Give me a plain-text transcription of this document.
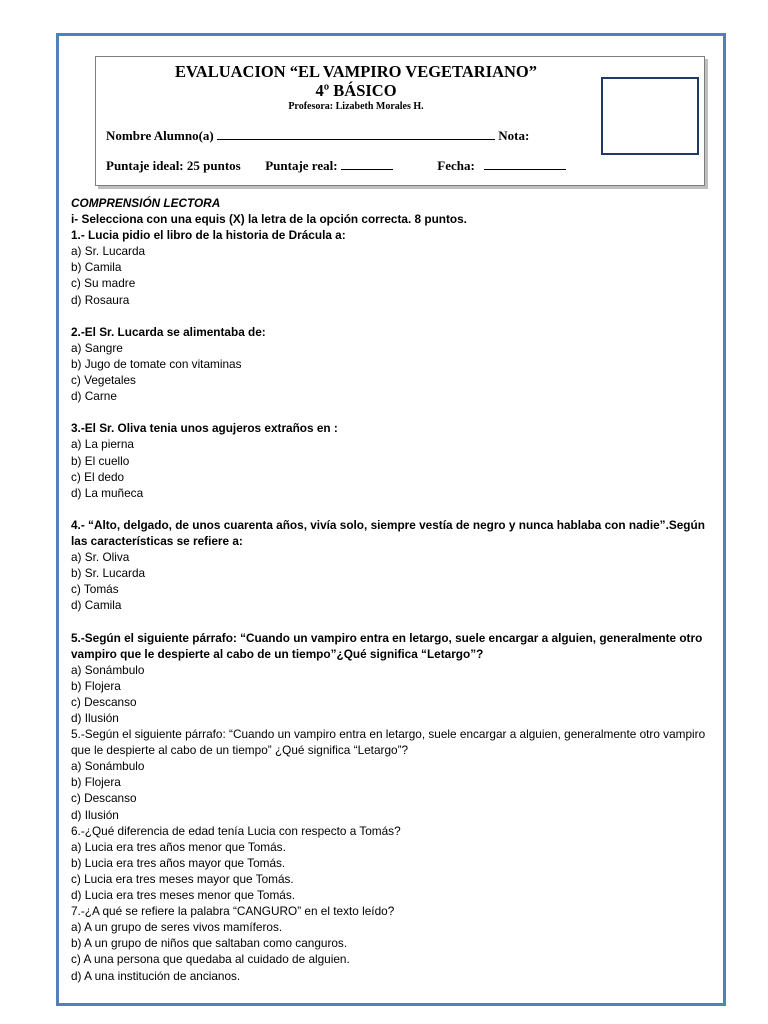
EVALUACION “EL VAMPIRO VEGETARIANO”
4º BÁSICO
Profesora: Lizabeth Morales H.
Nombre Alumno(a)	Nota:
Puntaje ideal: 25 puntos Puntaje real:	Fecha:
COMPRENSIÓN LECTORA
i- Selecciona con una equis (X) la letra de la opción correcta. 8 puntos.
1.- Lucia pidio el libro de la historia de Drácula a:
a) Sr. Lucarda
b) Camila
c) Su madre
d) Rosaura
2.-El Sr. Lucarda se alimentaba de:
a) Sangre
b) Jugo de tomate con vitaminas
c) Vegetales
d) Carne
3.-El Sr. Oliva tenia unos agujeros extraños en :
a) La pierna
b) El cuello
c) El dedo
d) La muñeca
4.- “Alto, delgado, de unos cuarenta años, vivía solo, siempre vestía de negro y nunca hablaba con nadie”.Según las características se refiere a:
a) Sr. Oliva
b) Sr. Lucarda
c) Tomás
d) Camila
5.-Según el siguiente párrafo: “Cuando un vampiro entra en letargo, suele encargar a alguien, generalmente otro vampiro que le despierte al cabo de un tiempo”¿Qué significa “Letargo”?
a) Sonámbulo
b) Flojera
c) Descanso
d) Ilusión
5.-Según el siguiente párrafo: “Cuando un vampiro entra en letargo, suele encargar a alguien, generalmente otro vampiro que le despierte al cabo de un tiempo” ¿Qué significa “Letargo”?
a) Sonámbulo
b) Flojera
c) Descanso
d) Ilusión
6.-¿Qué diferencia de edad tenía Lucia con respecto a Tomás?
a) Lucia era tres años menor que Tomás.
b) Lucia era tres años mayor que Tomás.
c) Lucia era tres meses mayor que Tomás.
d) Lucia era tres meses menor que Tomás.
7.-¿A qué se refiere la palabra “CANGURO” en el texto leído?
a) A un grupo de seres vivos mamíferos.
b) A un grupo de niños que saltaban como canguros.
c) A una persona que quedaba al cuidado de alguien.
d) A una institución de ancianos.
